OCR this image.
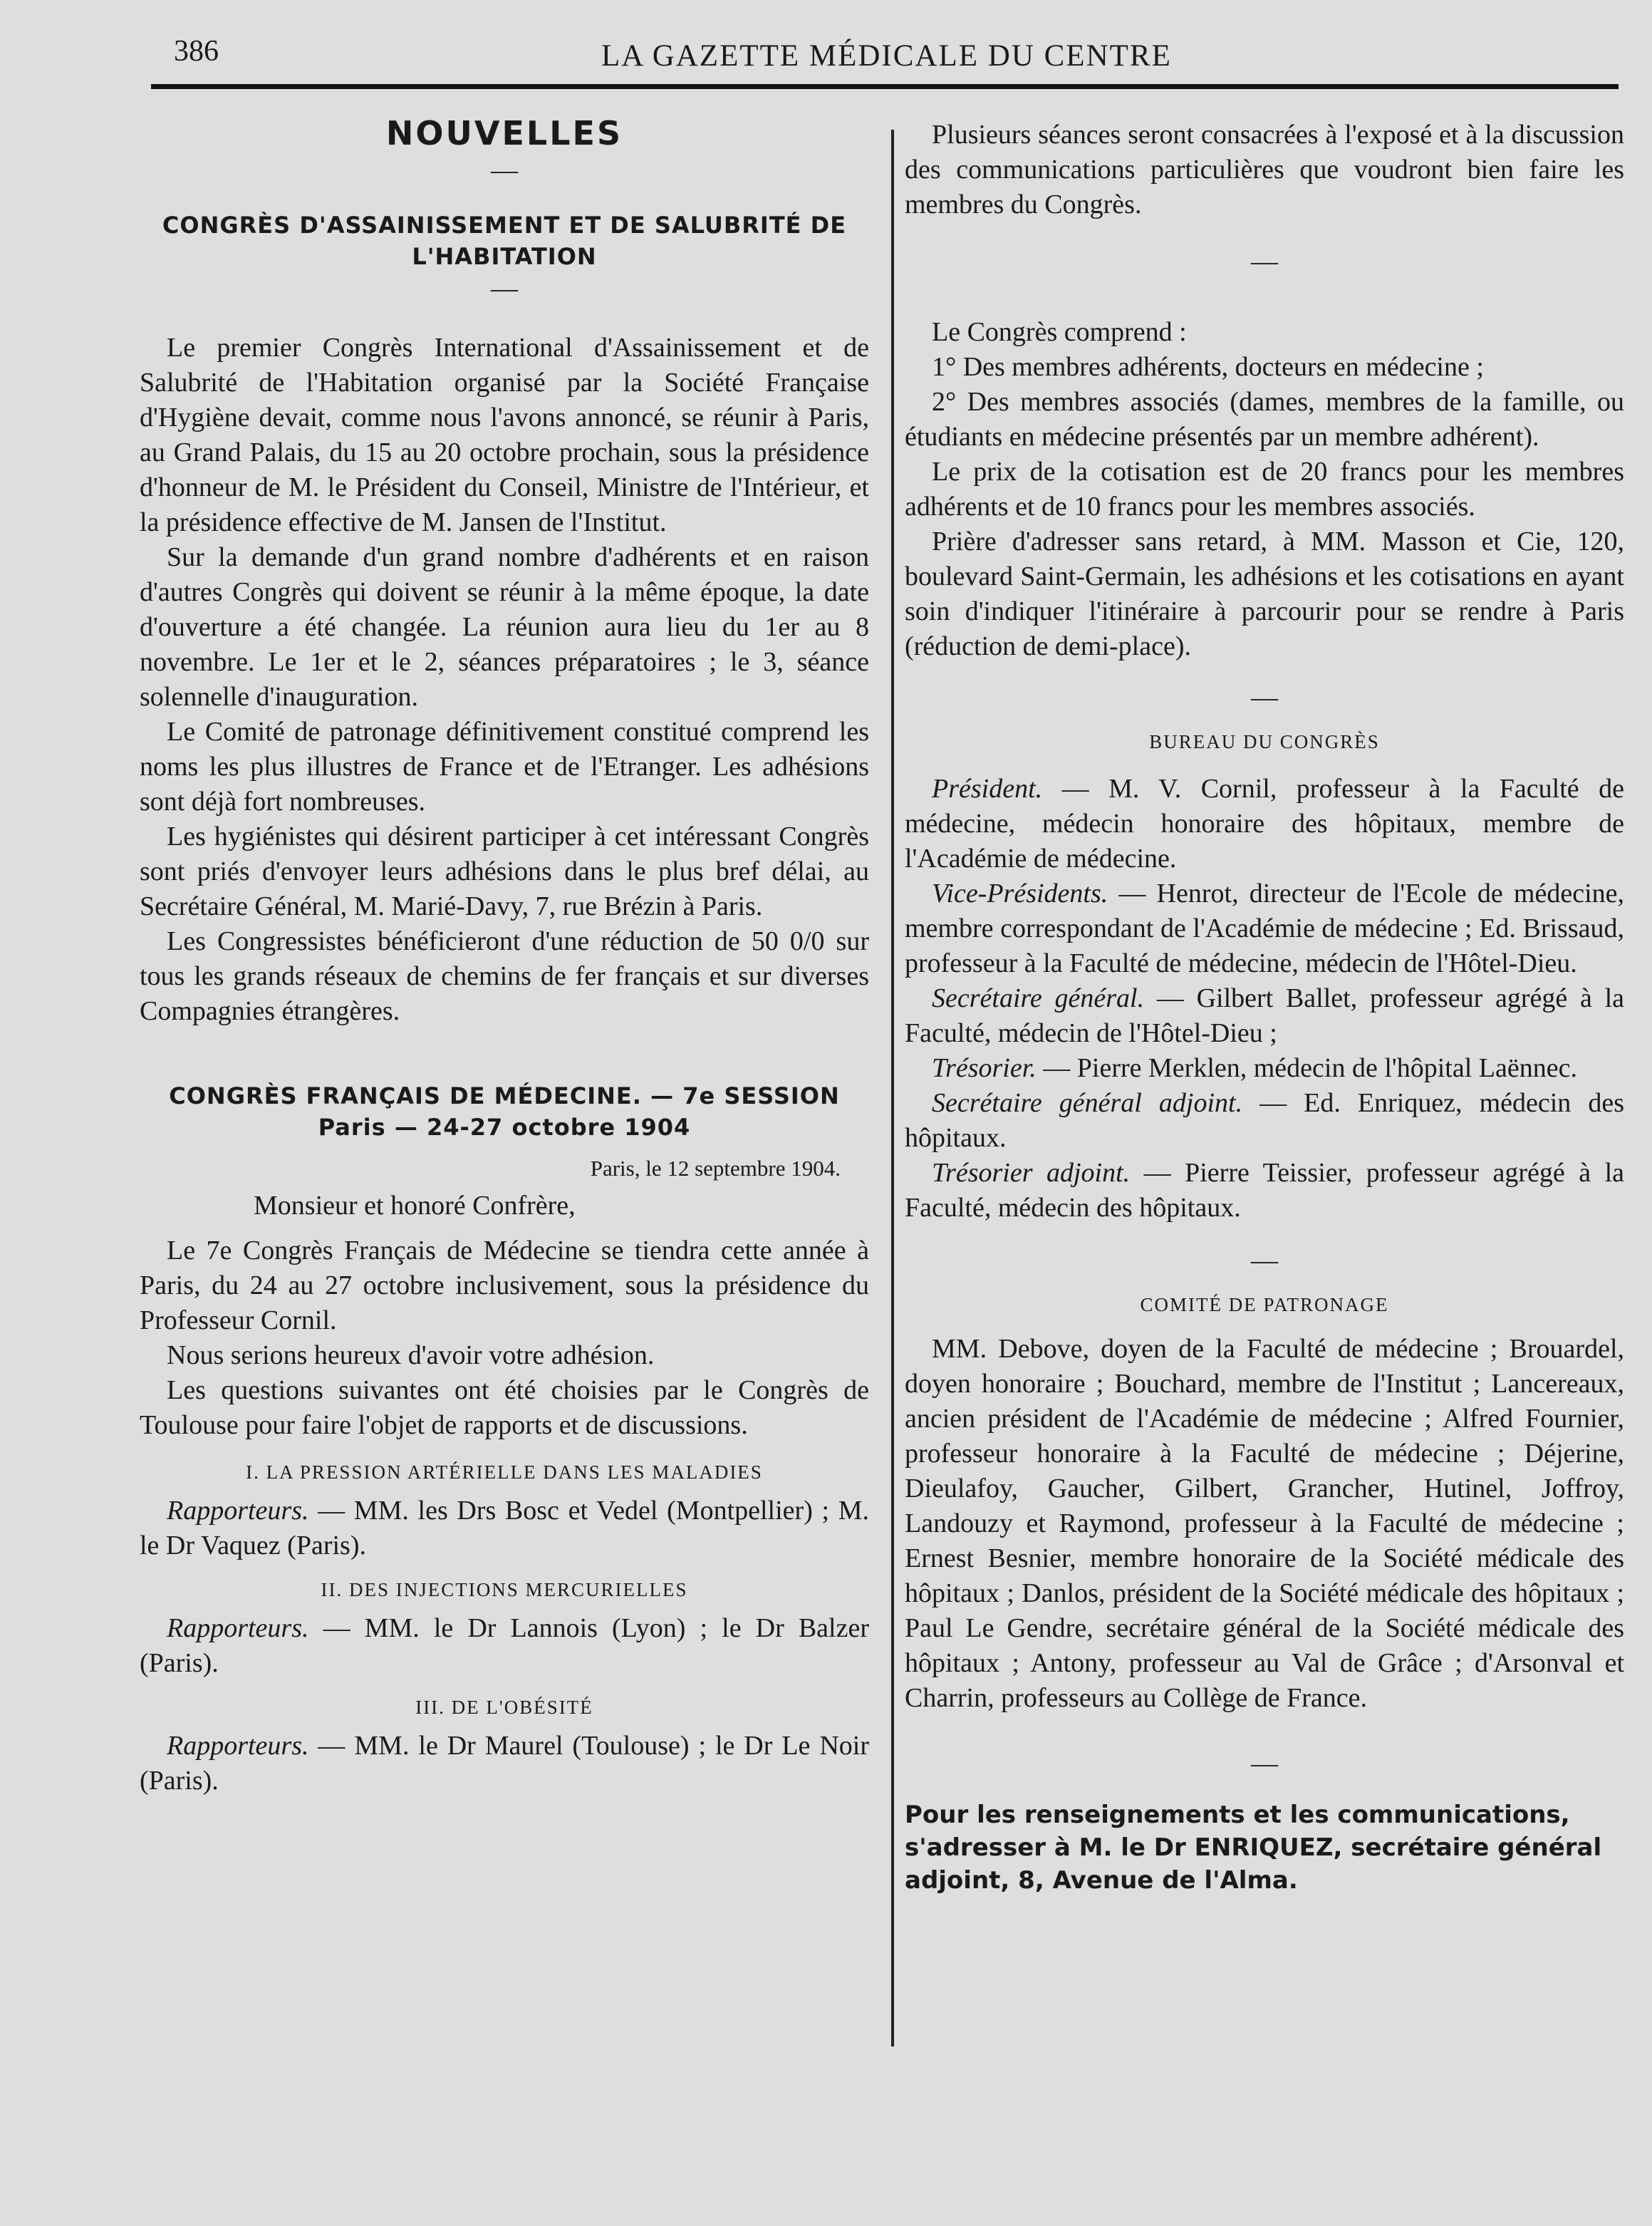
386	LA GAZETTE MÉDICALE DU CENTRE

NOUVELLES

—

CONGRÈS D'ASSAINISSEMENT ET DE SALUBRITÉ DE L'HABITATION

—

Le premier Congrès International d'Assainissement et de Salubrité de l'Habitation organisé par la Société Française d'Hygiène devait, comme nous l'avons annoncé, se réunir à Paris, au Grand Palais, du 15 au 20 octobre prochain, sous la présidence d'honneur de M. le Président du Conseil, Ministre de l'Intérieur, et la présidence effective de M. Jansen de l'Institut.

Sur la demande d'un grand nombre d'adhérents et en raison d'autres Congrès qui doivent se réunir à la même époque, la date d'ouverture a été changée. La réunion aura lieu du 1er au 8 novembre. Le 1er et le 2, séances préparatoires ; le 3, séance solennelle d'inauguration.

Le Comité de patronage définitivement constitué comprend les noms les plus illustres de France et de l'Etranger. Les adhésions sont déjà fort nombreuses.

Les hygiénistes qui désirent participer à cet intéressant Congrès sont priés d'envoyer leurs adhésions dans le plus bref délai, au Secrétaire Général, M. Marié-Davy, 7, rue Brézin à Paris.

Les Congressistes bénéficieront d'une réduction de 50 0/0 sur tous les grands réseaux de chemins de fer français et sur diverses Compagnies étrangères.

CONGRÈS FRANÇAIS DE MÉDECINE. — 7e SESSION

Paris — 24-27 octobre 1904

Paris, le 12 septembre 1904.

Monsieur et honoré Confrère,

Le 7e Congrès Français de Médecine se tiendra cette année à Paris, du 24 au 27 octobre inclusivement, sous la présidence du Professeur Cornil.

Nous serions heureux d'avoir votre adhésion.

Les questions suivantes ont été choisies par le Congrès de Toulouse pour faire l'objet de rapports et de discussions.

I. LA PRESSION ARTÉRIELLE DANS LES MALADIES

Rapporteurs. — MM. les Drs Bosc et Vedel (Montpellier) ; M. le Dr Vaquez (Paris).

II. DES INJECTIONS MERCURIELLES

Rapporteurs. — MM. le Dr Lannois (Lyon) ; le Dr Balzer (Paris).

III. DE L'OBÉSITÉ

Rapporteurs. — MM. le Dr Maurel (Toulouse) ; le Dr Le Noir (Paris).

Plusieurs séances seront consacrées à l'exposé et à la discussion des communications particulières que voudront bien faire les membres du Congrès.

—

Le Congrès comprend :

1° Des membres adhérents, docteurs en médecine ;

2° Des membres associés (dames, membres de la famille, ou étudiants en médecine présentés par un membre adhérent).

Le prix de la cotisation est de 20 francs pour les membres adhérents et de 10 francs pour les membres associés.

Prière d'adresser sans retard, à MM. Masson et Cie, 120, boulevard Saint-Germain, les adhésions et les cotisations en ayant soin d'indiquer l'itinéraire à parcourir pour se rendre à Paris (réduction de demi-place).

—

BUREAU DU CONGRÈS

Président. — M. V. Cornil, professeur à la Faculté de médecine, médecin honoraire des hôpitaux, membre de l'Académie de médecine.

Vice-Présidents. — Henrot, directeur de l'Ecole de médecine, membre correspondant de l'Académie de médecine ; Ed. Brissaud, professeur à la Faculté de médecine, médecin de l'Hôtel-Dieu.

Secrétaire général. — Gilbert Ballet, professeur agrégé à la Faculté, médecin de l'Hôtel-Dieu ;

Trésorier. — Pierre Merklen, médecin de l'hôpital Laënnec.

Secrétaire général adjoint. — Ed. Enriquez, médecin des hôpitaux.

Trésorier adjoint. — Pierre Teissier, professeur agrégé à la Faculté, médecin des hôpitaux.

—

COMITÉ DE PATRONAGE

MM. Debove, doyen de la Faculté de médecine ; Brouardel, doyen honoraire ; Bouchard, membre de l'Institut ; Lancereaux, ancien président de l'Académie de médecine ; Alfred Fournier, professeur honoraire à la Faculté de médecine ; Déjerine, Dieulafoy, Gaucher, Gilbert, Grancher, Hutinel, Joffroy, Landouzy et Raymond, professeur à la Faculté de médecine ; Ernest Besnier, membre honoraire de la Société médicale des hôpitaux ; Danlos, président de la Société médicale des hôpitaux ; Paul Le Gendre, secrétaire général de la Société médicale des hôpitaux ; Antony, professeur au Val de Grâce ; d'Arsonval et Charrin, professeurs au Collège de France.

—

Pour les renseignements et les communications, s'adresser à M. le Dr ENRIQUEZ, secrétaire général adjoint, 8, Avenue de l'Alma.
